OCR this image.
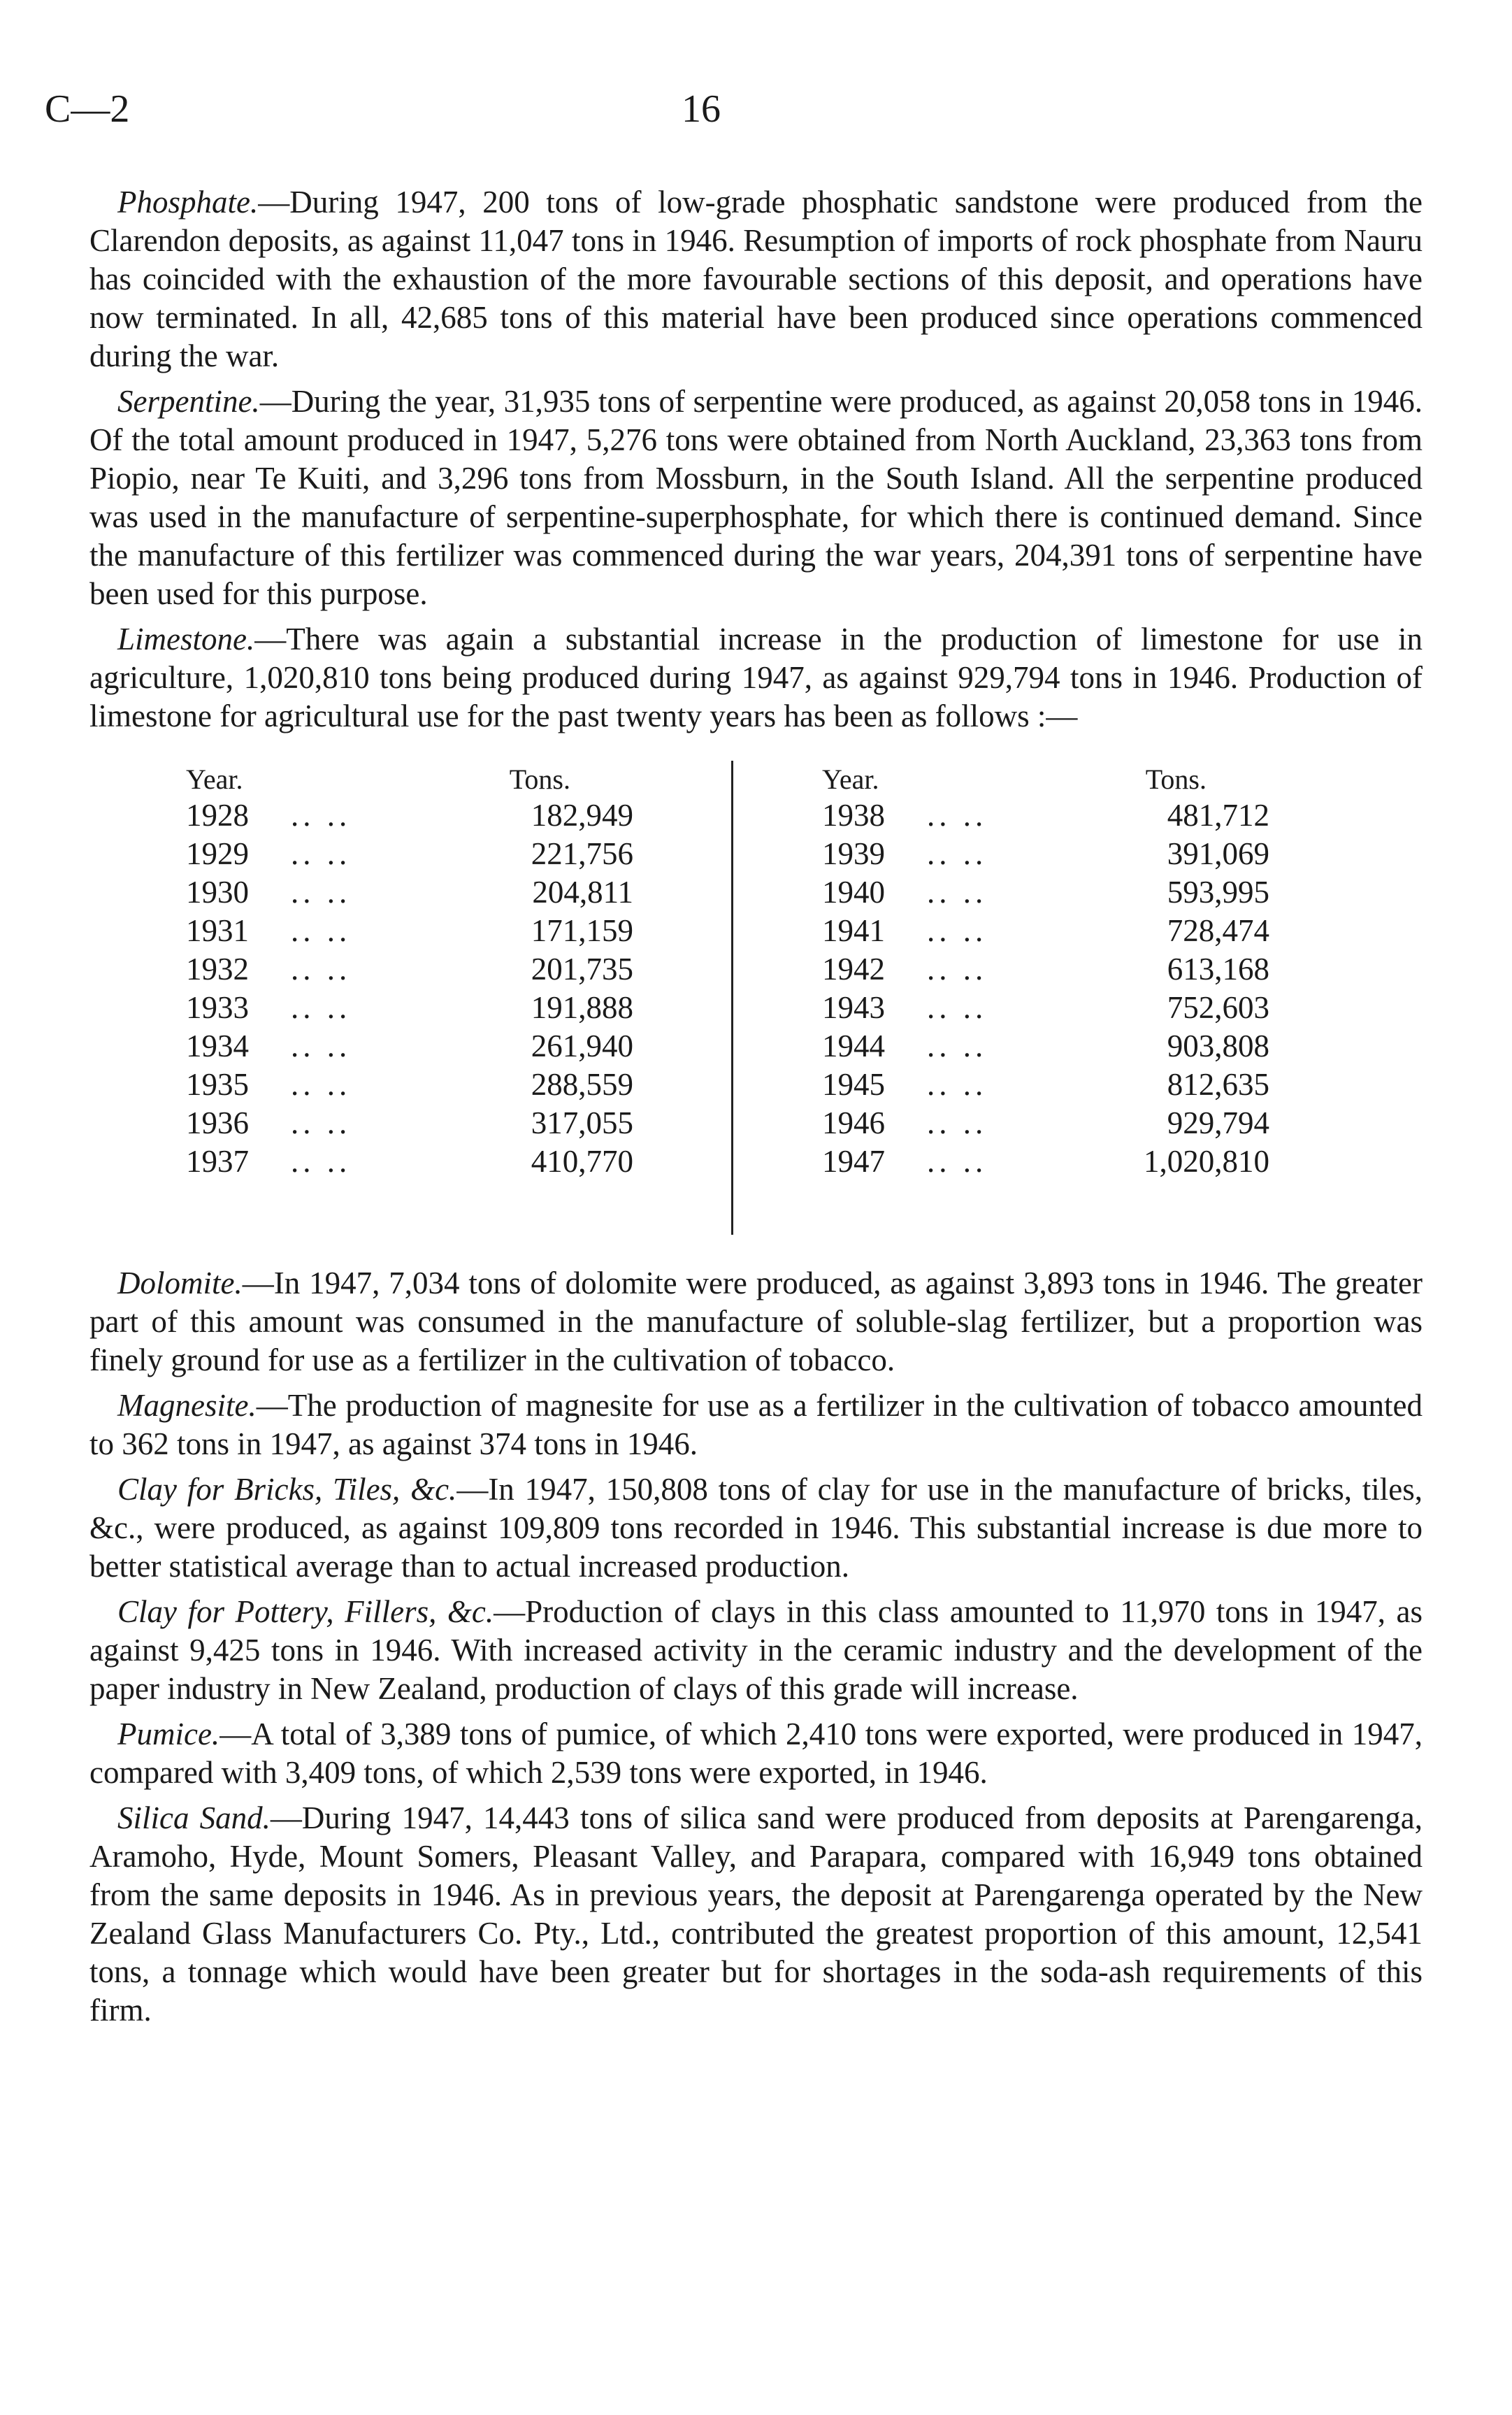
C—2	16

Phosphate.—During 1947, 200 tons of low-grade phosphatic sandstone were produced from the Clarendon deposits, as against 11,047 tons in 1946. Resumption of imports of rock phosphate from Nauru has coincided with the exhaustion of the more favourable sections of this deposit, and operations have now terminated. In all, 42,685 tons of this material have been produced since operations commenced during the war.

Serpentine.—During the year, 31,935 tons of serpentine were produced, as against 20,058 tons in 1946. Of the total amount produced in 1947, 5,276 tons were obtained from North Auckland, 23,363 tons from Piopio, near Te Kuiti, and 3,296 tons from Mossburn, in the South Island. All the serpentine produced was used in the manufacture of serpentine-superphosphate, for which there is continued demand. Since the manufacture of this fertilizer was commenced during the war years, 204,391 tons of serpentine have been used for this purpose.

Limestone.—There was again a substantial increase in the production of limestone for use in agriculture, 1,020,810 tons being produced during 1947, as against 929,794 tons in 1946. Production of limestone for agricultural use for the past twenty years has been as follows :—

Year.	Tons.
1928	.. ..	182,949
1929	.. ..	221,756
1930	.. ..	204,811
1931	.. ..	171,159
1932	.. ..	201,735
1933	.. ..	191,888
1934	.. ..	261,940
1935	.. ..	288,559
1936	.. ..	317,055
1937	.. ..	410,770
Year.	Tons.
1938	.. ..	481,712
1939	.. ..	391,069
1940	.. ..	593,995
1941	.. ..	728,474
1942	.. ..	613,168
1943	.. ..	752,603
1944	.. ..	903,808
1945	.. ..	812,635
1946	.. ..	929,794
1947	.. ..	1,020,810

Dolomite.—In 1947, 7,034 tons of dolomite were produced, as against 3,893 tons in 1946. The greater part of this amount was consumed in the manufacture of soluble-slag fertilizer, but a proportion was finely ground for use as a fertilizer in the cultivation of tobacco.

Magnesite.—The production of magnesite for use as a fertilizer in the cultivation of tobacco amounted to 362 tons in 1947, as against 374 tons in 1946.

Clay for Bricks, Tiles, &c.—In 1947, 150,808 tons of clay for use in the manufacture of bricks, tiles, &c., were produced, as against 109,809 tons recorded in 1946. This substantial increase is due more to better statistical average than to actual increased production.

Clay for Pottery, Fillers, &c.—Production of clays in this class amounted to 11,970 tons in 1947, as against 9,425 tons in 1946. With increased activity in the ceramic industry and the development of the paper industry in New Zealand, production of clays of this grade will increase.

Pumice.—A total of 3,389 tons of pumice, of which 2,410 tons were exported, were produced in 1947, compared with 3,409 tons, of which 2,539 tons were exported, in 1946.

Silica Sand.—During 1947, 14,443 tons of silica sand were produced from deposits at Parengarenga, Aramoho, Hyde, Mount Somers, Pleasant Valley, and Parapara, compared with 16,949 tons obtained from the same deposits in 1946. As in previous years, the deposit at Parengarenga operated by the New Zealand Glass Manufacturers Co. Pty., Ltd., contributed the greatest proportion of this amount, 12,541 tons, a tonnage which would have been greater but for shortages in the soda-ash requirements of this firm.
